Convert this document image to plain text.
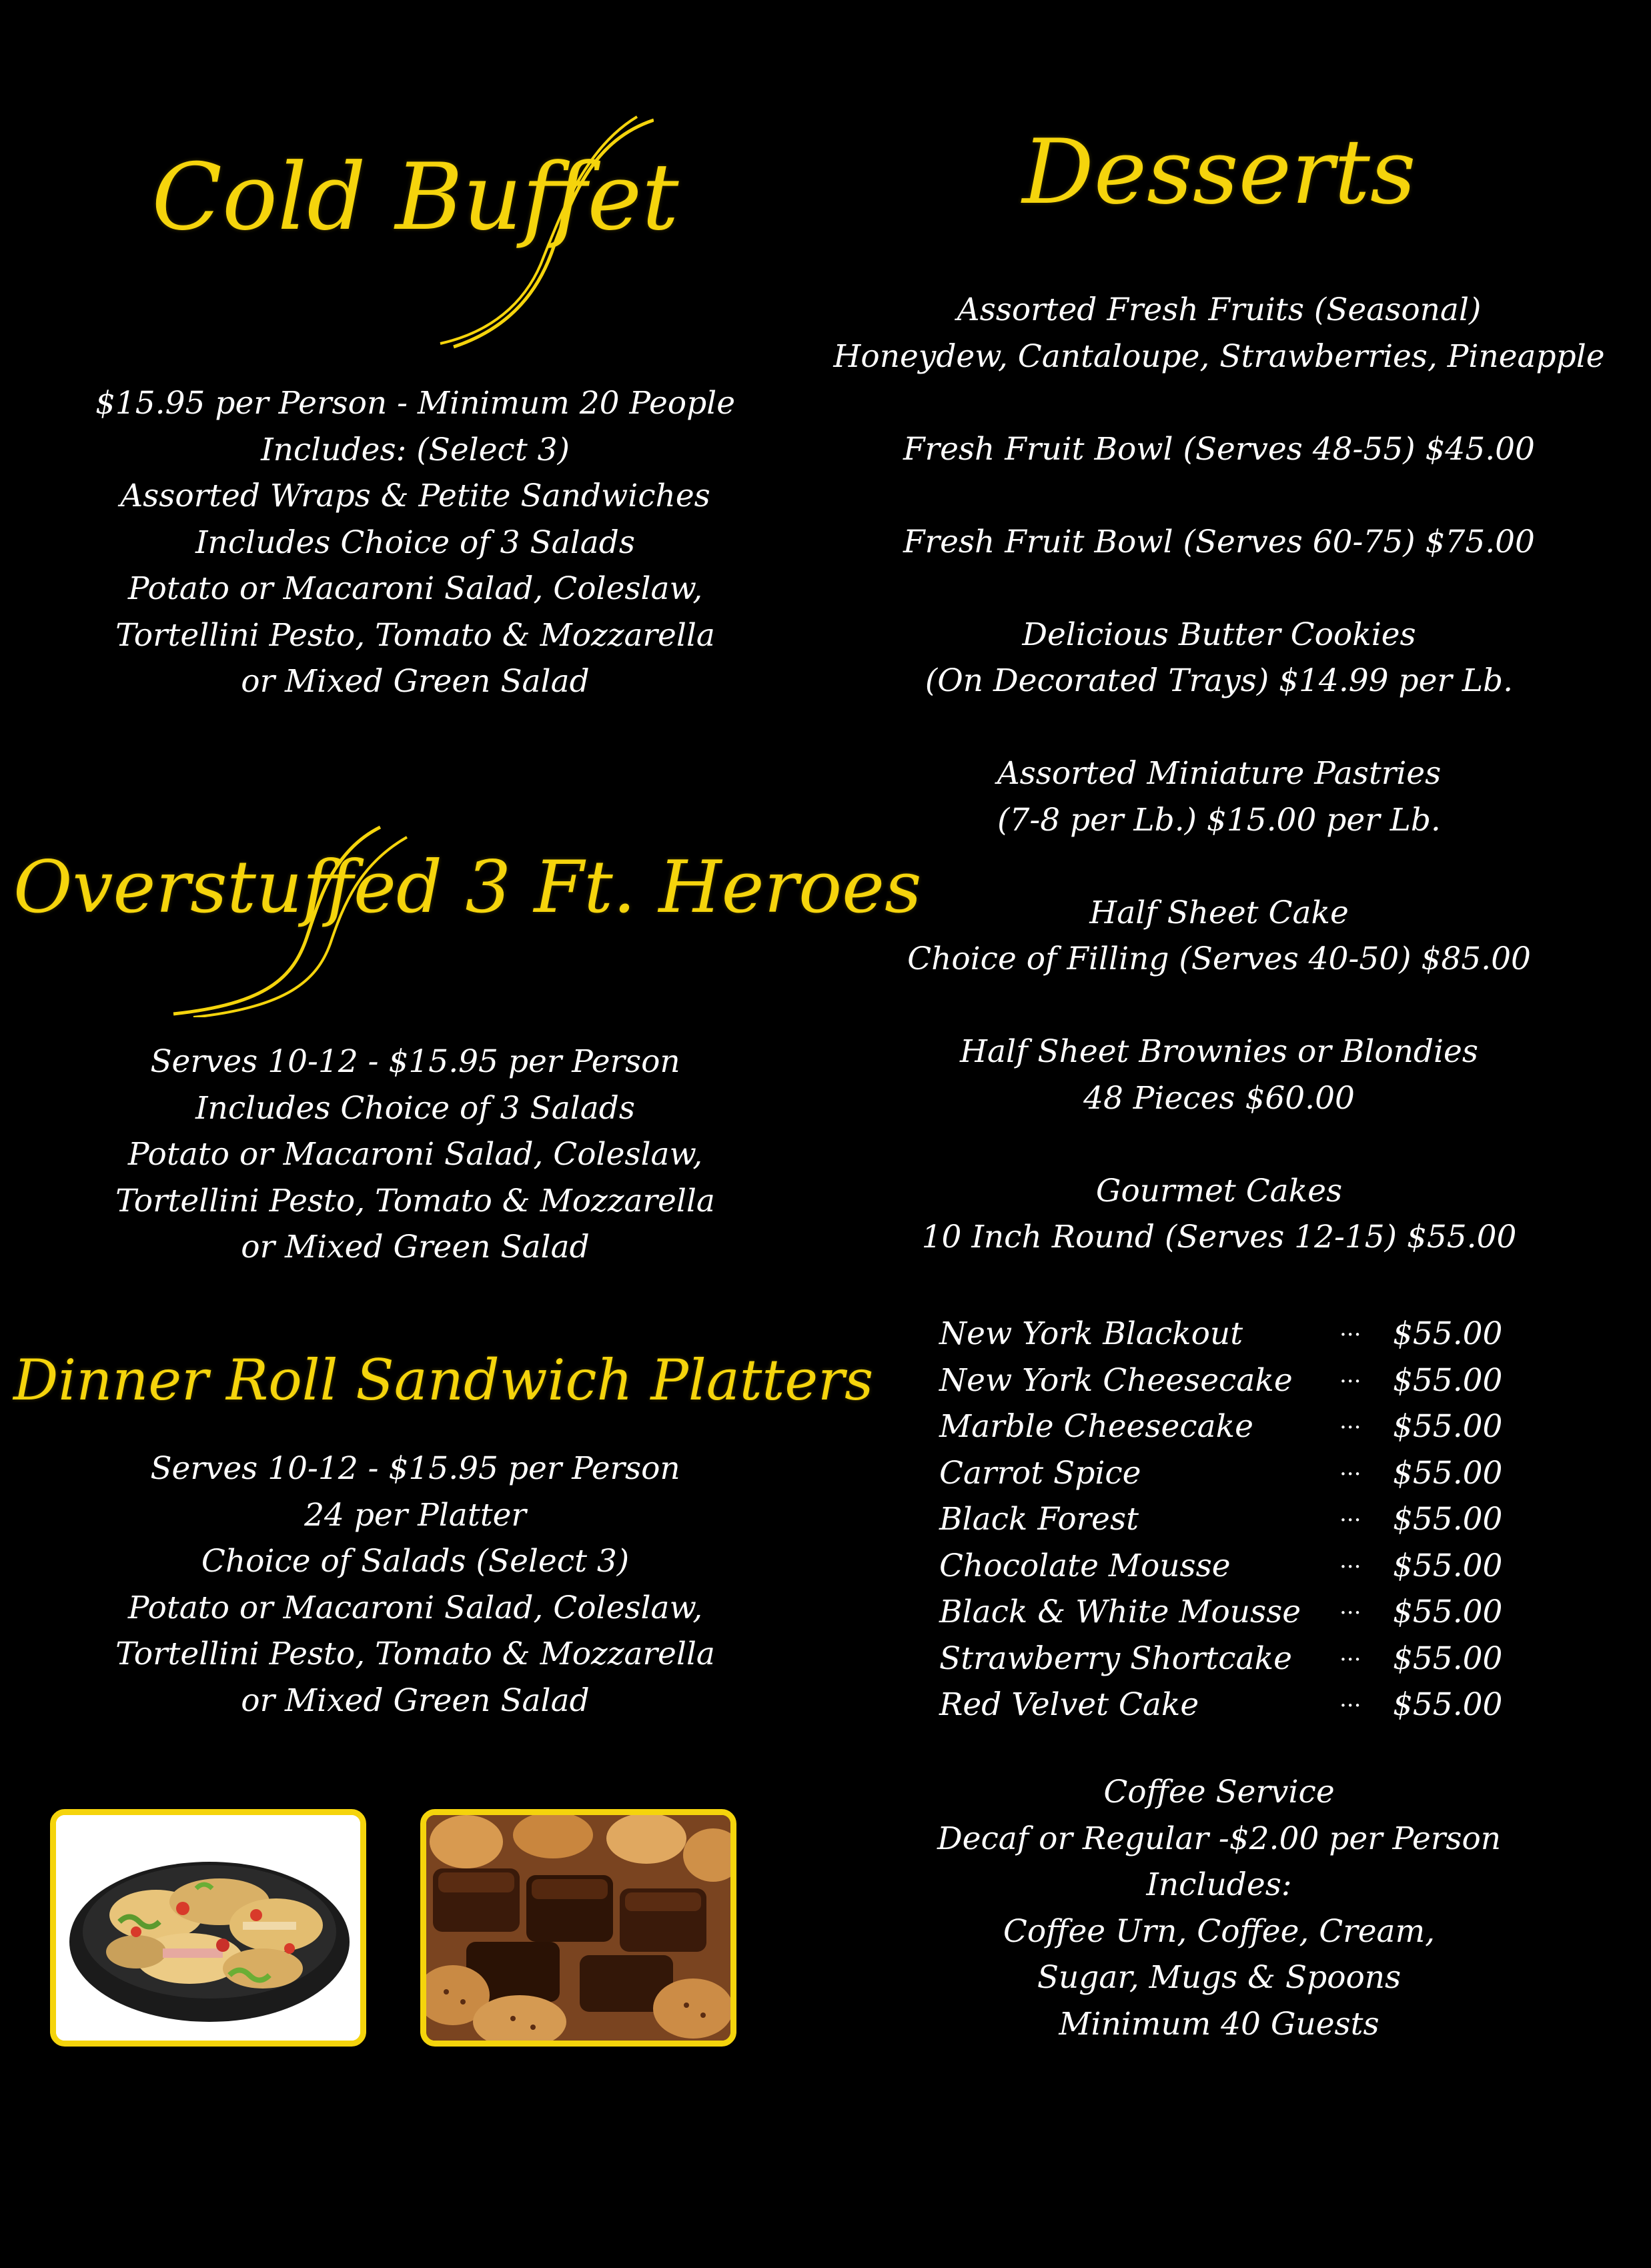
Cold Buffet
$15.95 per Person - Minimum 20 People
Includes: (Select 3)
Assorted Wraps & Petite Sandwiches
Includes Choice of 3 Salads
Potato or Macaroni Salad, Coleslaw,
Tortellini Pesto, Tomato & Mozzarella
or Mixed Green Salad
Overstuffed 3 Ft. Heroes
Serves 10-12 - $15.95 per Person
Includes Choice of 3 Salads
Potato or Macaroni Salad, Coleslaw,
Tortellini Pesto, Tomato & Mozzarella
or Mixed Green Salad
Dinner Roll Sandwich Platters
Serves 10-12 - $15.95 per Person
24 per Platter
Choice of Salads (Select 3)
Potato or Macaroni Salad, Coleslaw,
Tortellini Pesto, Tomato & Mozzarella
or Mixed Green Salad
Desserts
Assorted Fresh Fruits (Seasonal)
Honeydew, Cantaloupe, Strawberries, Pineapple
Fresh Fruit Bowl (Serves 48-55) $45.00
Fresh Fruit Bowl (Serves 60-75) $75.00
Delicious Butter Cookies
(On Decorated Trays) $14.99 per Lb.
Assorted Miniature Pastries
(7-8 per Lb.) $15.00 per Lb.
Half Sheet Cake
Choice of Filling (Serves 40-50) $85.00
Half Sheet Brownies or Blondies
48 Pieces $60.00
Gourmet Cakes
10 Inch Round (Serves 12-15) $55.00
Coffee Service
Decaf or Regular -$2.00 per Person
Includes:
Coffee Urn, Coffee, Cream,
Sugar, Mugs & Spoons
Minimum 40 Guests
New York Blackout	... $55.00
New York Cheesecake ... $55.00
Marble Cheesecake	... $55.00
Carrot Spice	... $55.00
Black Forest	... $55.00
Chocolate Mousse	... $55.00
Black & White Mousse ... $55.00
Strawberry Shortcake ... $55.00
Red Velvet Cake	... $55.00
